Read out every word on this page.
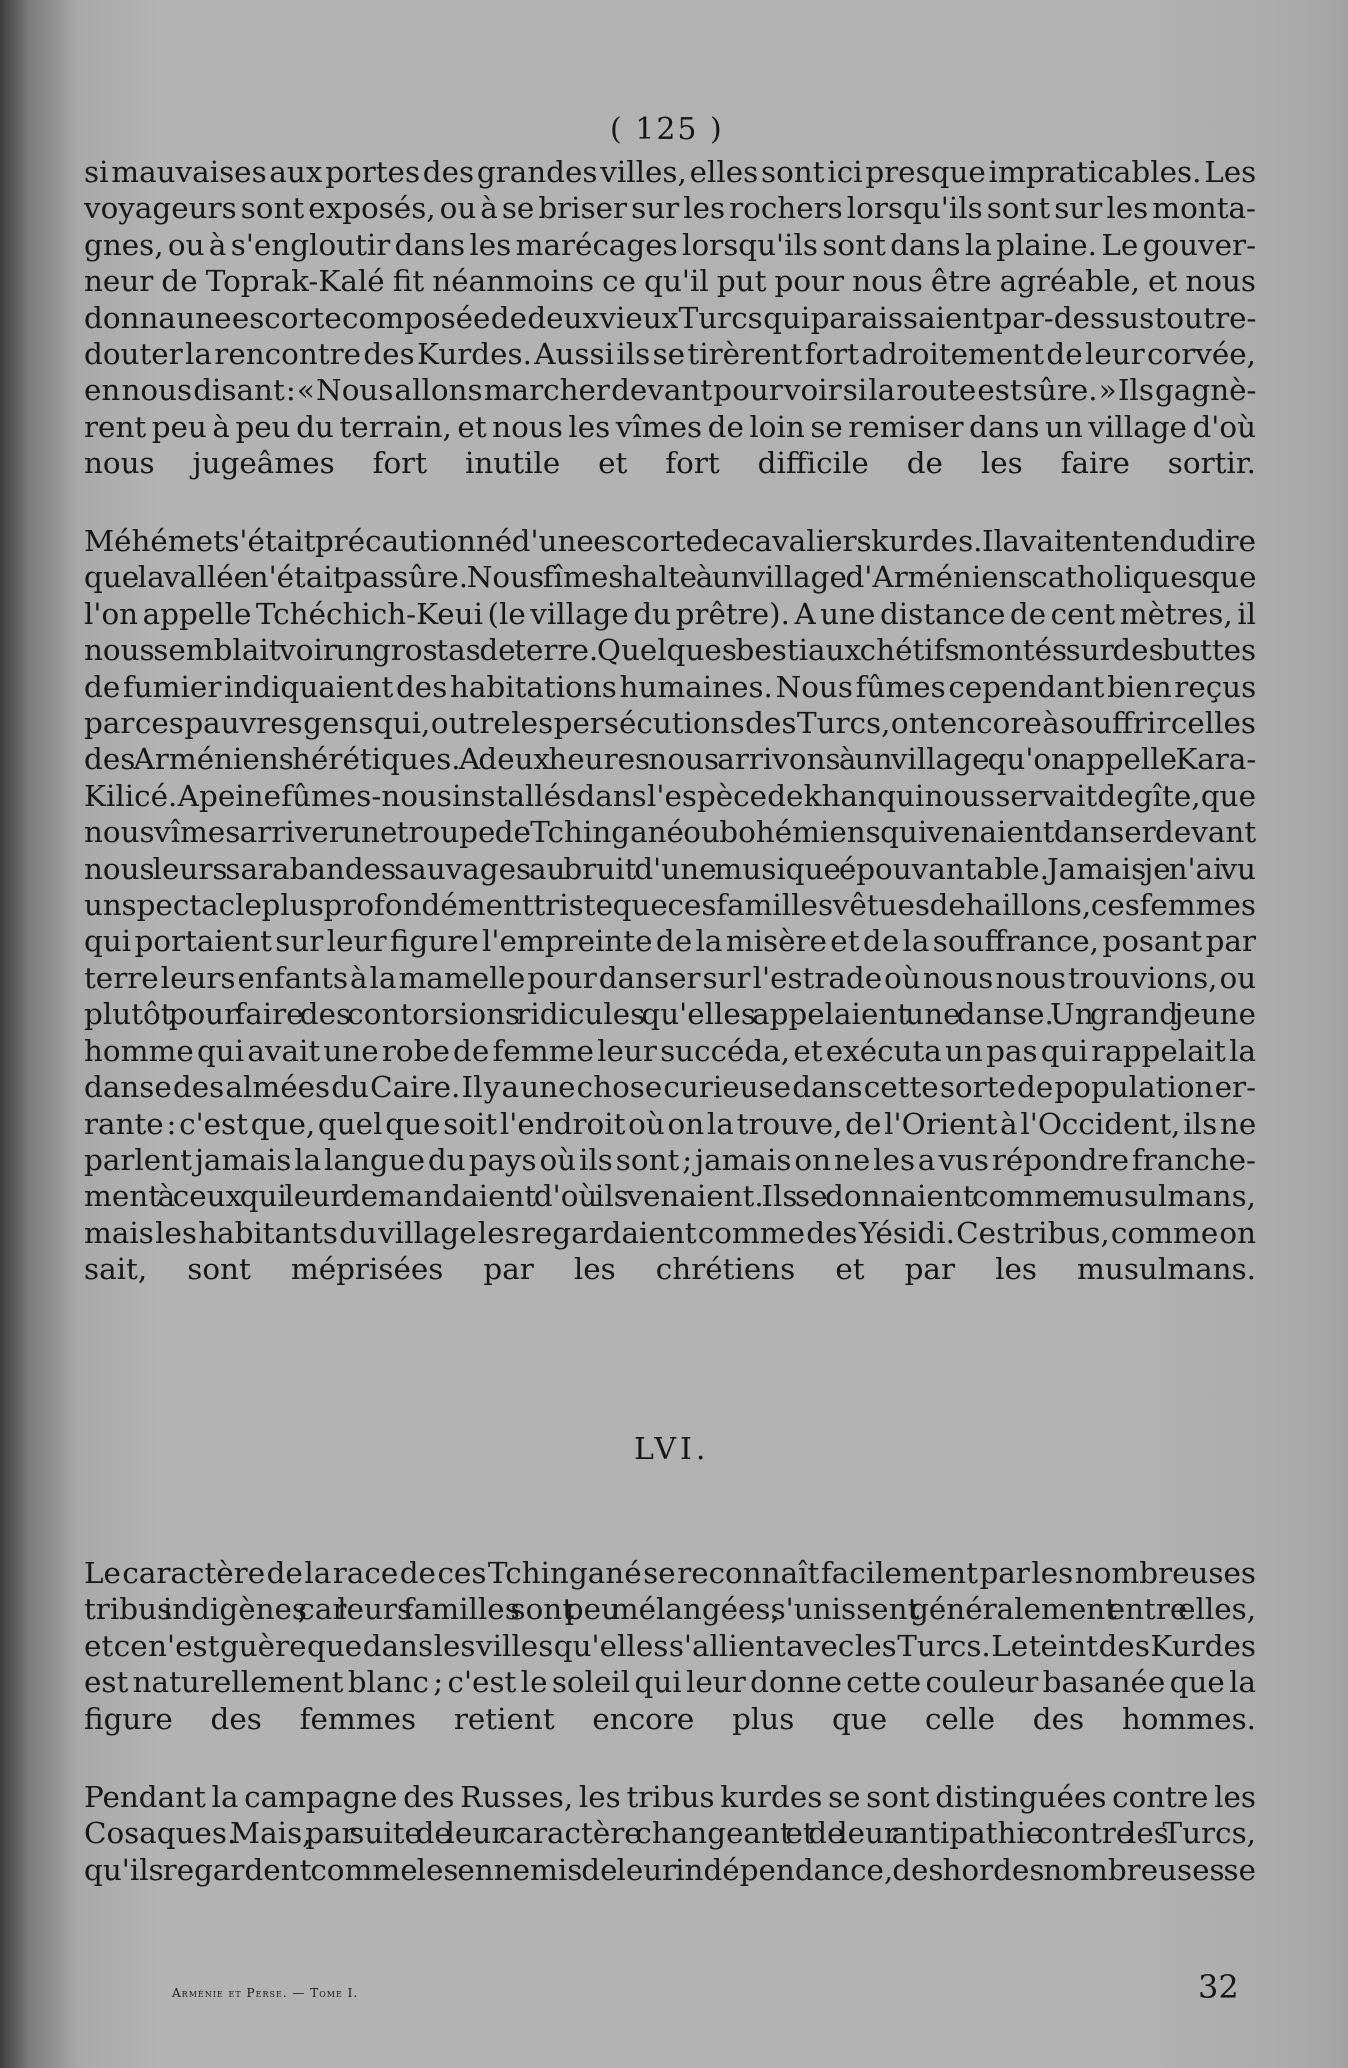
( 125 )
si mauvaises aux portes des grandes villes, elles sont ici presque impraticables. Les
voyageurs sont exposés, ou à se briser sur les rochers lorsqu'ils sont sur les monta-
gnes, ou à s'engloutir dans les marécages lorsqu'ils sont dans la plaine. Le gouver-
neur de Toprak-Kalé fit néanmoins ce qu'il put pour nous être agréable, et nous
donna une escorte composée de deux vieux Turcs qui paraissaient par-dessus tout re-
douter la rencontre des Kurdes. Aussi ils se tirèrent fort adroitement de leur corvée,
en nous disant : « Nous allons marcher devant pour voir si la route est sûre. » Ils gagnè-
rent peu à peu du terrain, et nous les vîmes de loin se remiser dans un village d'où
nous jugeâmes fort inutile et fort difficile de les faire sortir.
Méhémet s'était précautionné d'une escorte de cavaliers kurdes. Il avait entendu dire
que la vallée n'était pas sûre. Nous fîmes halte à un village d'Arméniens catholiques que
l'on appelle Tchéchich-Keui (le village du prêtre). A une distance de cent mètres, il
nous semblait voir un gros tas de terre. Quelques bestiaux chétifs montés sur des buttes
de fumier indiquaient des habitations humaines. Nous fûmes cependant bien reçus
par ces pauvres gens qui, outre les persécutions des Turcs, ont encore à souffrir celles
des Arméniens hérétiques. A deux heures nous arrivons à un village qu'on appelle Kara-
Kilicé. A peine fûmes-nous installés dans l'espèce de khan qui nous servait de gîte, que
nous vîmes arriver une troupe de Tchingané ou bohémiens qui venaient danser devant
nous leurs sarabandes sauvages au bruit d'une musique épouvantable. Jamais je n'ai vu
un spectacle plus profondément triste que ces familles vêtues de haillons, ces femmes
qui portaient sur leur figure l'empreinte de la misère et de la souffrance, posant par
terre leurs enfants à la mamelle pour danser sur l'estrade où nous nous trouvions, ou
plutôt pour faire des contorsions ridicules qu'elles appelaient une danse. Un grand jeune
homme qui avait une robe de femme leur succéda, et exécuta un pas qui rappelait la
danse des almées du Caire. Il y a une chose curieuse dans cette sorte de population er-
rante : c'est que, quel que soit l'endroit où on la trouve, de l'Orient à l'Occident, ils ne
parlent jamais la langue du pays où ils sont ; jamais on ne les a vus répondre franche-
ment à ceux qui leur demandaient d'où ils venaient. Ils se donnaient comme musulmans,
mais les habitants du village les regardaient comme des Yésidi. Ces tribus, comme on
sait, sont méprisées par les chrétiens et par les musulmans.
LVI.
Le caractère de la race de ces Tchingané se reconnaît facilement par les nombreuses
tribus indigènes ; car leurs familles sont peu mélangées, s'unissent généralement entre elles,
et ce n'est guère que dans les villes qu'elles s'allient avec les Turcs. Le teint des Kurdes
est naturellement blanc ; c'est le soleil qui leur donne cette couleur basanée que la
figure des femmes retient encore plus que celle des hommes.
Pendant la campagne des Russes, les tribus kurdes se sont distinguées contre les
Cosaques. Mais, par suite de leur caractère changeant et de leur antipathie contre les Turcs,
qu'ils regardent comme les ennemis de leur indépendance, des hordes nombreuses se
Arménie et Perse. — Tome I.	32
